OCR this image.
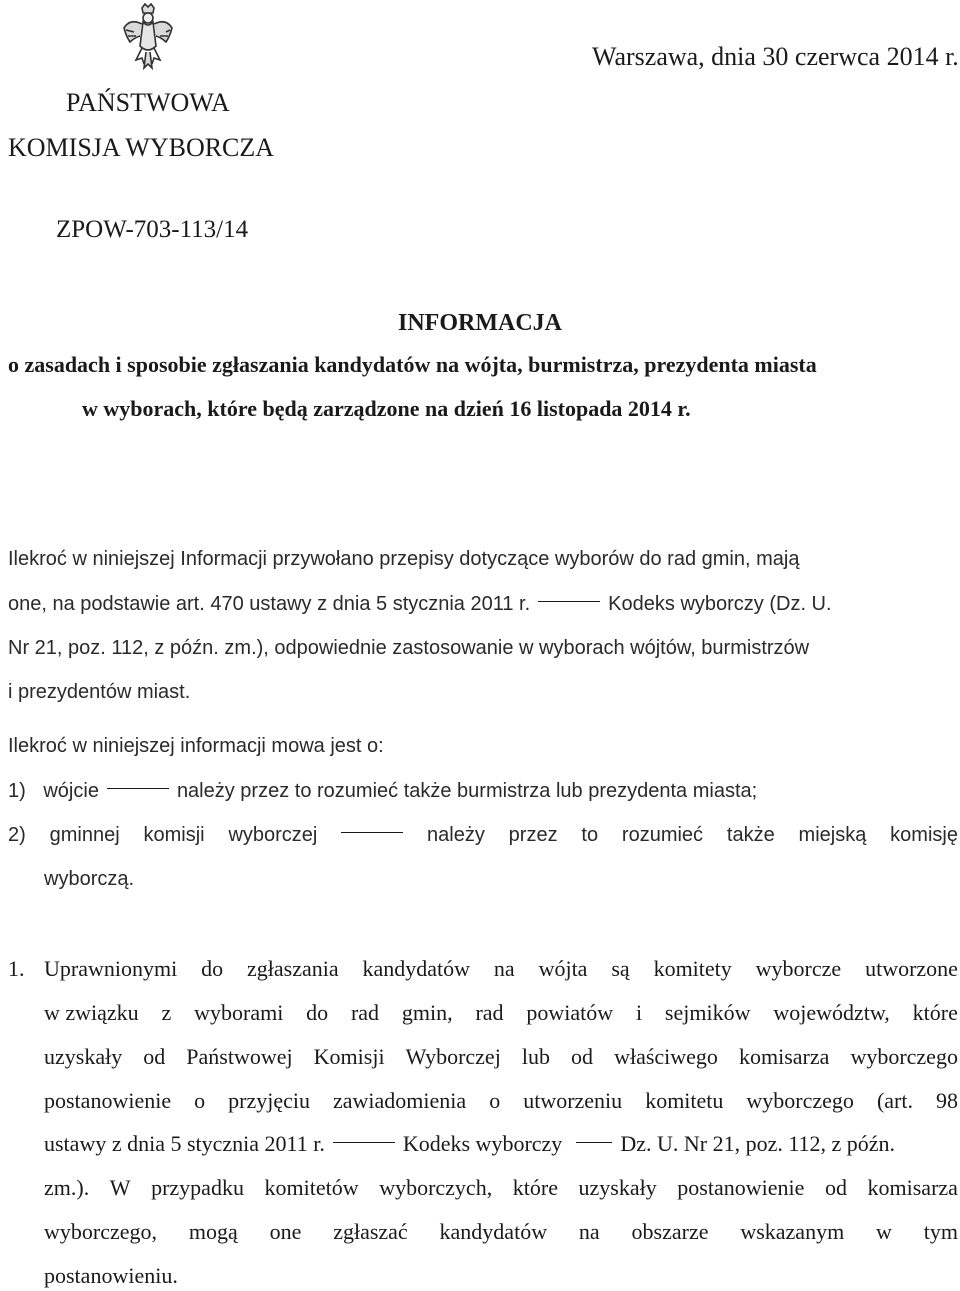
Warszawa, dnia 30 czerwca 2014 r.
PAŃSTWOWA
KOMISJA WYBORCZA
ZPOW-703-113/14
INFORMACJA
o zasadach i sposobie zgłaszania kandydatów na wójta, burmistrza, prezydenta miasta
w wyborach, które będą zarządzone na dzień 16 listopada 2014 r.
Ilekroć w niniejszej Informacji przywołano przepisy dotyczące wyborów do rad gmin, mają
one, na podstawie art. 470 ustawy z dnia 5 stycznia 2011 r.	Kodeks wyborczy (Dz. U.
Nr 21, poz. 112, z późn. zm.), odpowiednie zastosowanie w wyborach wójtów, burmistrzów
i prezydentów miast.
Ilekroć w niniejszej informacji mowa jest o:
1) wójcie	należy przez to rozumieć także burmistrza lub prezydenta miasta;
2) gminnej komisji wyborczej	należy przez to rozumieć także miejską komisję
wyborczą.
1. Uprawnionymi do zgłaszania kandydatów na wójta są komitety wyborcze utworzone
w związku z wyborami do rad gmin, rad powiatów i sejmików województw, które
uzyskały od Państwowej Komisji Wyborczej lub od właściwego komisarza wyborczego
postanowienie o przyjęciu zawiadomienia o utworzeniu komitetu wyborczego (art. 98
ustawy z dnia 5 stycznia 2011 r.	Kodeks wyborczy	Dz. U. Nr 21, poz. 112, z późn.
zm.). W przypadku komitetów wyborczych, które uzyskały postanowienie od komisarza
wyborczego, mogą one zgłaszać kandydatów na obszarze wskazanym w tym
postanowieniu.
